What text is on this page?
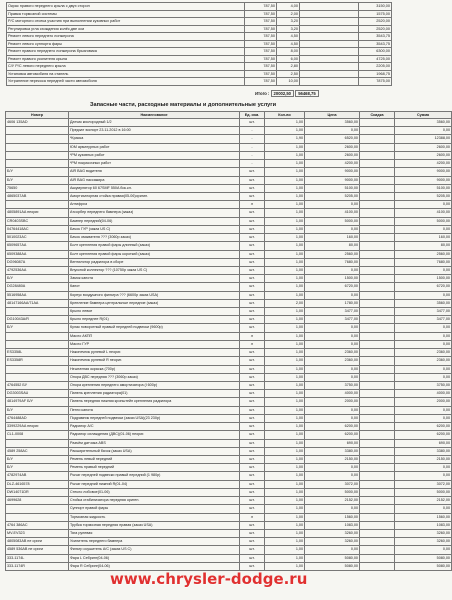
Окрас правого переднего крыла с двух сторон	787,50	4,00		3150,00
Правка тормозной системы	787,50	2,00		1575,00
Р/С моторного отсека участию при выполнении кузовных работ	787,50	3,20		2520,00
Регулировка угла схождения колёс,две оси	787,50	3,20		2520,00
Ремонт левого переднего лонжерона	787,50	4,50		3543,75
Ремонт левого суппорта фары	787,50	4,50		3543,75
Ремонт правого переднего лонжерона брызговика	787,50	8,00		6300,00
Ремонт правого усилителя крыла	787,50	6,00		4725,00
С/У Р/С левого переднего крыла	787,50	2,80		2205,00
Установка автомобиля на стапель	787,50	2,50		1968,75
Устранение перекоса передней части автомобиля	787,50	10,00		7875,00
Итого : 20002,50 56468,75
Запасные части, расходные материалы и дополнительные услуги
Номер	Наименование	Ед. изм.	Кол-во	Цена	Скидка	Сумма
4606 135AD	Датчик кислородный 1/2	шт.	1,00	3560,00		3560,00
	Предзат экспорт 23.11.2012 в 16:00	-	1,00	0,00		0,00
	*Краска	-	1,90	6520,00		12388,00
	ЮМ арматурных работ	-	1,00	2600,00		2600,00
	*РМ кузовных работ	-	1,00	2600,00		2600,00
	*РМ покрасочных работ	-	1,00	4200,00		4200,00
Б/У	AIR BAG водителя	шт.	1,00	9000,00		9000,00
Б/У	AIR BAG пассажира	шт.	1,00	9000,00		9000,00
75650	Аккумулятор 60 67SMF 550A бок.кл.	шт.	1,00	5100,00		5100,00
4865037AB	Амортизаторная стойка правая(05-06)оригин.	шт.	1,00	5205,00		5205,00
	Антифриз	л	1,00	0,00		0,00
4805891AA неориг.	Атсорбер переднего бампера (заказ)	шт.	1,00	4100,00		4100,00
CR0403SBC	Бампер передний(04-06)	шт.	1,00	5000,00		5000,00
04764418AC	Бачок ГУР (заказ US С)	шт.	1,00	0,00		0,00
5010023AC	Бачок омывателя ??? (3060р заказ)	шт.	1,00	160,00		160,00
6509657AA	Болт крепления правой фары длинный (заказ)	шт.	1,00	80,00		80,00
6509388AA	Болт крепления правой фары короткий (заказ)	шт.	1,00	2560,00		2560,00
DG96087A	Вентилятор радиатора в сборе	шт.	1,00	7680,00		7680,00
4792536AA	Впускной коллектор ??? (10750р заказ US С)	шт.	1,00	0,00		0,00
Б/У	Замок капота	шт.	1,00	1500,00		1500,00
DG28480A	Капот	шт.	1,00	6720,00		6720,00
5516958AA	Корпус воздушного фильтра ??? (6600р заказ USA)	шт.	1,00	0,00		0,00
48147166AA/71AA	Крепление бампера центральные передние (заказ)	шт.	2,00	1780,00		3560,00
	Крыло левое	шт.	1,00	3477,00		3477,00
DG10043A/R	Крыло переднее R(01)	шт.	1,00	3477,00		3477,00
Б/У	Кулак поворотный правый передней подвески (9600р)	шт.	1,00	0,00		0,00
	Масло АКПП	л	1,00	0,00		0,00
	Масло ГУР	л	1,00	0,00		0,00
ES3358L	Наконечник рулевой L неориг.	шт.	1,00	2360,00		2360,00
ES3358R	Наконечник рулевой R неориг.	шт.	1,00	2360,00		2360,00
	Нештатная окраска (700р)	шт.	1,00	0,00		0,00
	Опора ДВС передняя ??? (3060р заказ)	шт.	1,00	0,00		0,00
4764552 БУ	Опора крепления переднего амортизатора (l 600р)	шт.	1,00	3750,00		3750,00
DG3003SAU	Панель крепления радиатора(01)	шт.	1,00	4000,00		4000,00
4814979AF Б/У	Панель передняя нижняя кронштейн крепления радиатора	шт.	1,00	2000,00		2000,00
Б/У	Петли капота	шт.	1,00	0,00		0,00
4764488AD	Подрамник передней подвески (заказ USA)(23 230р)	шт.	1,00	0,00		0,00
3399229AA неориг.	Радиатор A/C	шт.	1,00	6200,00		6200,00
CL1-0008	Радиатор охлаждения (ДВС)(01-06) неориг.	шт.	1,00	6200,00		6200,00
	Разъём датчика ABS	шт.	1,00	690,00		690,00
4589 258AC	Расширительный бачок (заказ USA)	шт.	1,00	3380,00		3380,00
Б/У	Ремень левый передний	шт.	1,00	2150,00		2150,00
Б/У	Ремень правый передний	шт.	1,00	0,00		0,00
4782974AB	Рычаг передней подвески правый передний (1 980р)	шт.	1,00	0,00		0,00
DLZ-4616578	Рычаг передний нижний R(01-04)	шт.	1,00	3072,00		3072,00
DW14071DR	Стекло лобовое(01-06)	шт.	1,00	5000,00		5000,00
4699628	Стойка стабилизатора передняя ориген.	шт.	1,00	2152,00		2152,00
	Суппорт правой фары	шт.	1,00	0,00		0,00
	Тормозная жидкость	л	1,00	1560,00		1560,00
4764 386AC	Трубка тормозная передняя правая (заказ USA)	шт.	1,00	1083,00		1083,00
MV-EV323	Тяга рулевая	шт.	1,00	3260,00		3260,00
4805083AB не ориги	Усилитель переднего бампера	шт.	1,00	3260,00		3260,00
4589 536AB не ориги	Фильтр осушитель A/C (заказ US С)	шт.	1,00	0,00		0,00
333-1174L	Фара L Себринг(04-06)	шт.	1,00	5080,00		5080,00
333-1174R	Фара R Себринг(04-06)	шт.	1,00	5080,00		5080,00
www.chrysler-dodge.ru
